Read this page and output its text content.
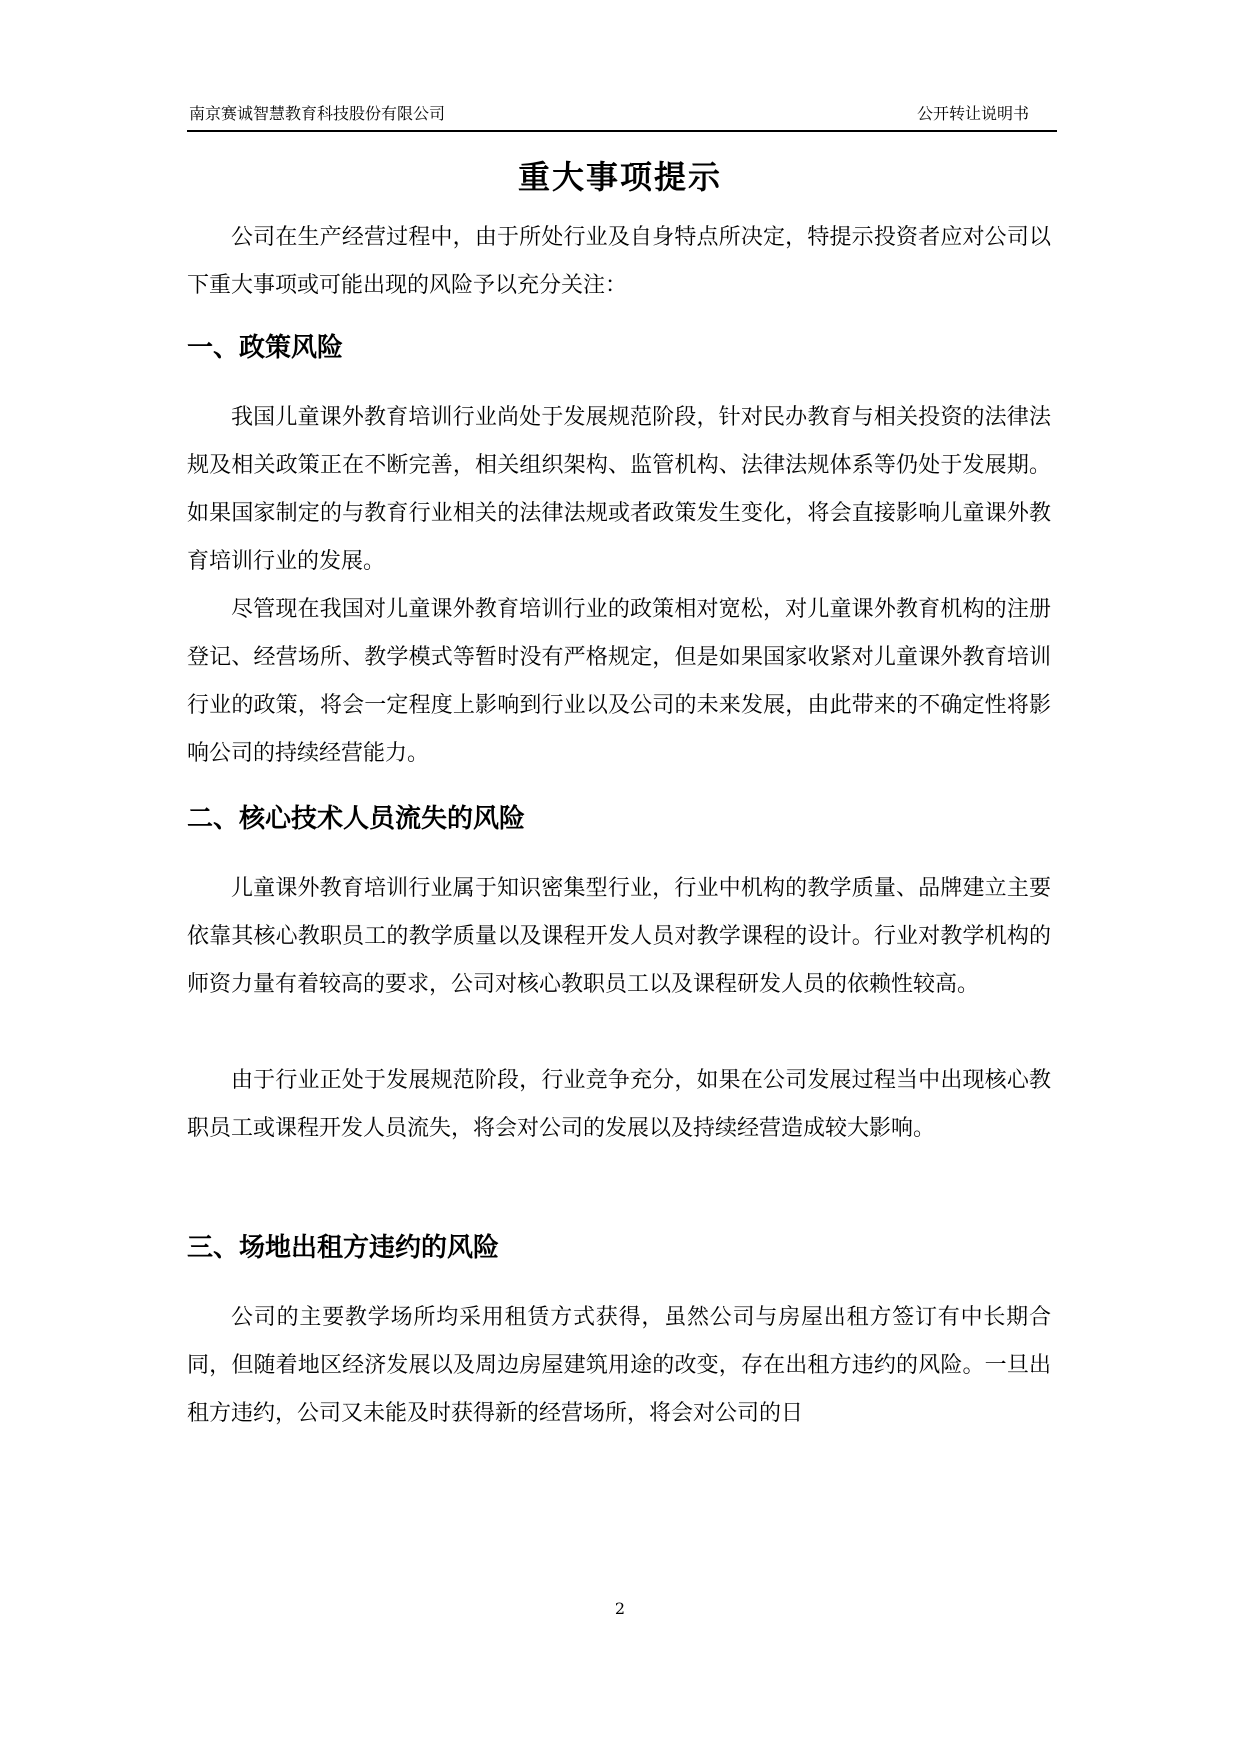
南京赛诚智慧教育科技股份有限公司	公开转让说明书
重大事项提示

公司在生产经营过程中，由于所处行业及自身特点所决定，特提示投资者应对公司以下重大事项或可能出现的风险予以充分关注：

一、政策风险

我国儿童课外教育培训行业尚处于发展规范阶段，针对民办教育与相关投资的法律法规及相关政策正在不断完善，相关组织架构、监管机构、法律法规体系等仍处于发展期。如果国家制定的与教育行业相关的法律法规或者政策发生变化，将会直接影响儿童课外教育培训行业的发展。

尽管现在我国对儿童课外教育培训行业的政策相对宽松，对儿童课外教育机构的注册登记、经营场所、教学模式等暂时没有严格规定，但是如果国家收紧对儿童课外教育培训行业的政策，将会一定程度上影响到行业以及公司的未来发展，由此带来的不确定性将影响公司的持续经营能力。

二、核心技术人员流失的风险

儿童课外教育培训行业属于知识密集型行业，行业中机构的教学质量、品牌建立主要依靠其核心教职员工的教学质量以及课程开发人员对教学课程的设计。行业对教学机构的师资力量有着较高的要求，公司对核心教职员工以及课程研发人员的依赖性较高。

由于行业正处于发展规范阶段，行业竞争充分，如果在公司发展过程当中出现核心教职员工或课程开发人员流失，将会对公司的发展以及持续经营造成较大影响。

三、场地出租方违约的风险

公司的主要教学场所均采用租赁方式获得，虽然公司与房屋出租方签订有中长期合同，但随着地区经济发展以及周边房屋建筑用途的改变，存在出租方违约的风险。一旦出租方违约，公司又未能及时获得新的经营场所，将会对公司的日

2
